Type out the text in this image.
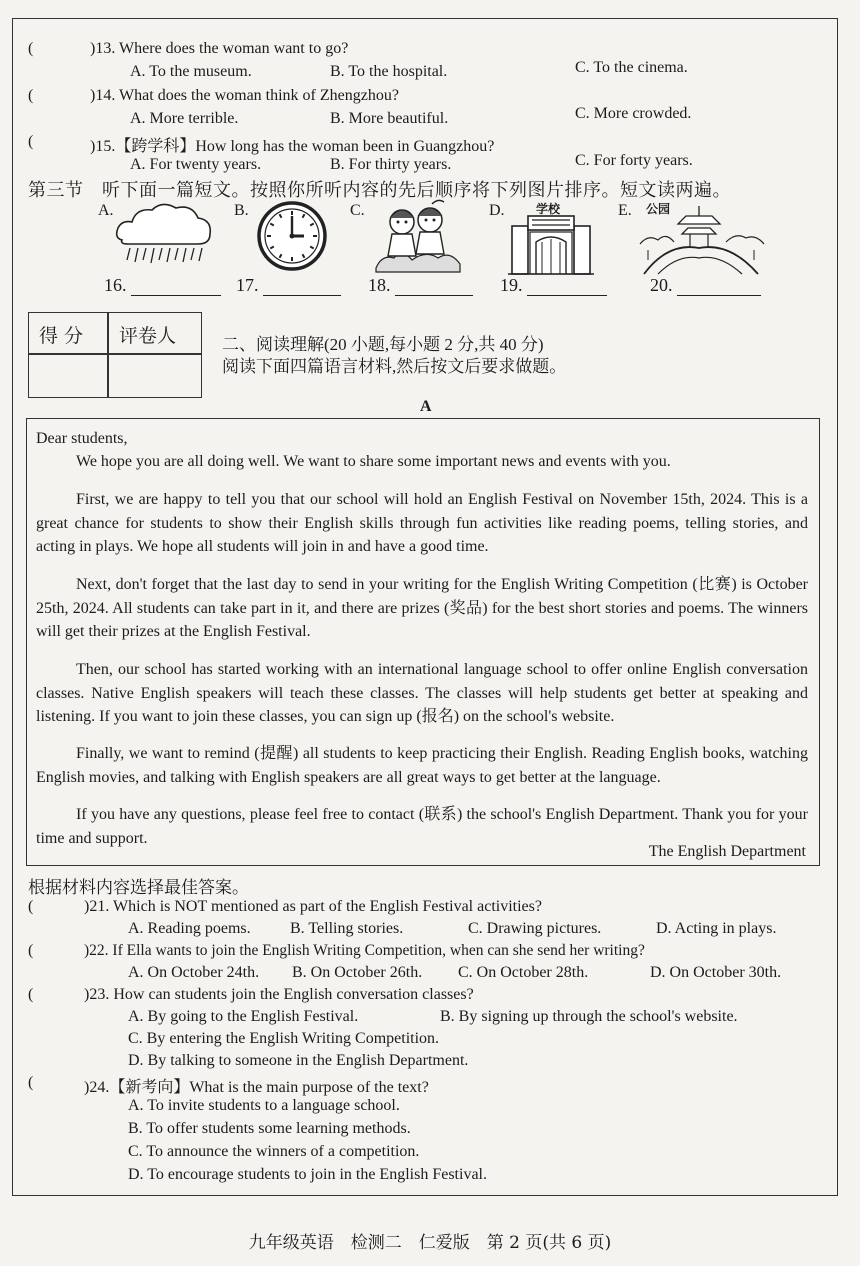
(	)13. Where does the woman want to go?
A. To the museum.	B. To the hospital.	C. To the cinema.
(	)14. What does the woman think of Zhengzhou?
A. More terrible.	B. More beautiful.	C. More crowded.
(	)15.【跨学科】How long has the woman been in Guangzhou?
A. For twenty years.	B. For thirty years.	C. For forty years.
第三节　听下面一篇短文。按照你所听内容的先后顺序将下列图片排序。短文读两遍。
A.	B.	C.	D.	学校	E. 公园
16.	17.	18.	19.	20.
得 分 评卷人	二、阅读理解(20 小题,每小题 2 分,共 40 分)
阅读下面四篇语言材料,然后按文后要求做题。
A
Dear students,
We hope you are all doing well. We want to share some important news and events with you.
First, we are happy to tell you that our school will hold an English Festival on November 15th, 2024. This is a great chance for students to show their English skills through fun activities like reading poems, telling stories, and acting in plays. We hope all students will join in and have a good time.
Next, don't forget that the last day to send in your writing for the English Writing Competition (比赛) is October 25th, 2024. All students can take part in it, and there are prizes (奖品) for the best short stories and poems. The winners will get their prizes at the English Festival.
Then, our school has started working with an international language school to offer online English conversation classes. Native English speakers will teach these classes. The classes will help students get better at speaking and listening. If you want to join these classes, you can sign up (报名) on the school's website.
Finally, we want to remind (提醒) all students to keep practicing their English. Reading English books, watching English movies, and talking with English speakers are all great ways to get better at the language.
If you have any questions, please feel free to contact (联系) the school's English Department. Thank you for your time and support.
The English Department
根据材料内容选择最佳答案。
(	)21. Which is NOT mentioned as part of the English Festival activities?
A. Reading poems. B. Telling stories.	C. Drawing pictures.	D. Acting in plays.
(	)22. If Ella wants to join the English Writing Competition, when can she send her writing?
A. On October 24th. B. On October 26th. C. On October 28th.	D. On October 30th.
(	)23. How can students join the English conversation classes?
A. By going to the English Festival.	B. By signing up through the school's website.
C. By entering the English Writing Competition.
D. By talking to someone in the English Department.
(	)24.【新考向】What is the main purpose of the text?
A. To invite students to a language school.
B. To offer students some learning methods.
C. To announce the winners of a competition.
D. To encourage students to join in the English Festival.
九年级英语　检测二　仁爱版　第 2 页(共 6 页)
